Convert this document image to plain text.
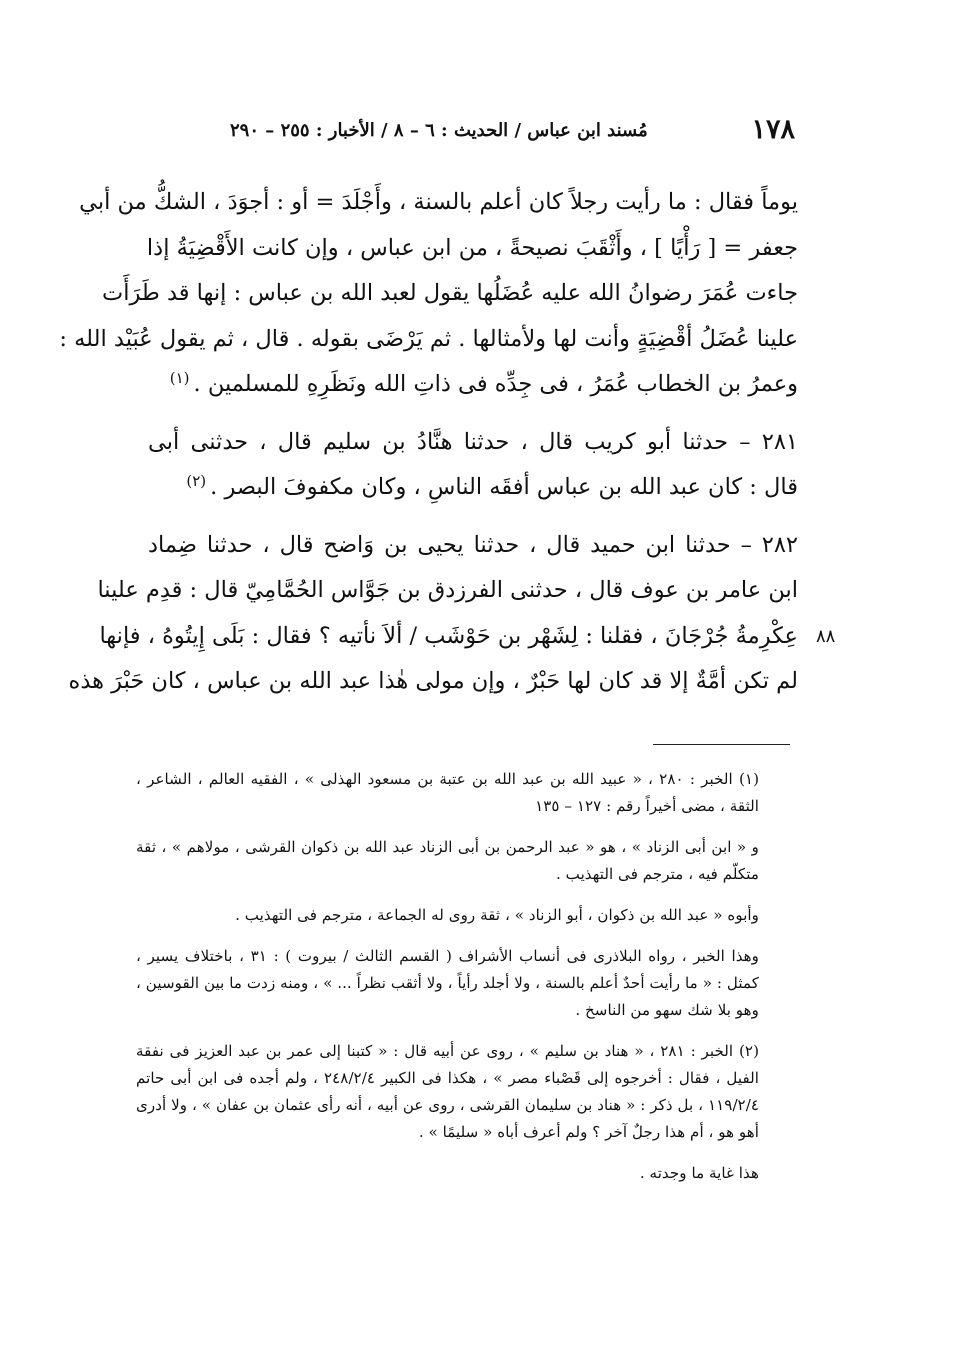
١٧٨
مُسند ابن عباس / الحديث : ٦ – ٨ / الأخبار : ٢٥٥ – ٢٩٠

يوماً فقال : ما رأيت رجلاً كان أعلم بالسنة ، وأَجْلَدَ = أو : أجوَدَ ، الشكُّ من أبي
جعفر = [ رَأْيًا ] ، وأَثْقَبَ نصيحةً ، من ابن عباس ، وإن كانت الأَقْضِيَةُ إذا
جاءت عُمَرَ رضوانُ الله عليه عُضَلُها يقول لعبد الله بن عباس : إنها قد طَرَأَت
علينا عُضَلُ أقْضِيَةٍ وأنت لها ولأمثالها . ثم يَرْضَى بقوله . قال ، ثم يقول عُبَيْد الله :
وعمرُ بن الخطاب عُمَرُ ، فى جِدِّه فى ذاتِ الله ونَظَرِهِ للمسلمين .$^{(١)}$

٢٨١ – حدثنا أبو كريب قال ، حدثنا هنَّادُ بن سليم قال ، حدثنى أبى
قال : كان عبد الله بن عباس أفقَه الناسِ ، وكان مكفوفَ البصر .$^{(٢)}$

٢٨٢ – حدثنا ابن حميد قال ، حدثنا يحيى بن وَاضح قال ، حدثنا ضِماد
ابن عامر بن عوف قال ، حدثنى الفرزدق بن جَوَّاس الحُمَّامِيّ قال : قدِم علينا
عِكْرِمةُ جُرْجَانَ ، فقلنا : لِشَهْر بن حَوْشَب / ألاَ نأتيه ؟ فقال : بَلَى إِيتُوهُ ، فإنها
لم تكن أمَّةٌ إلا قد كان لها حَبْرٌ ، وإن مولى هٰذا عبد الله بن عباس ، كان حَبْرَ هذه

٨٨

(١) الخبر : ٢٨٠ ، « عبيد الله بن عبد الله بن عتبة بن مسعود الهذلى » ، الفقيه العالم ، الشاعر ،
الثقة ، مضى أخيراً رقم : ١٢٧ – ١٣٥

و « ابن أبى الزناد » ، هو « عبد الرحمن بن أبى الزناد عبد الله بن ذكوان القرشى ، مولاهم » ، ثقة
متكلّم فيه ، مترجم فى التهذيب .

وأبوه « عبد الله بن ذكوان ، أبو الزناد » ، ثقة روى له الجماعة ، مترجم فى التهذيب .

وهذا الخبر ، رواه البلاذرى فى أنساب الأشراف ( القسم الثالث / بيروت ) : ٣١ ، باختلاف يسير ،
كمثل : « ما رأيت أحدٌ أعلم بالسنة ، ولا أجلد رأياً ، ولا أثقب نظراً ... » ، ومنه زدت ما بين القوسين ،
وهو بلا شك سهو من الناسخ .

(٢) الخبر : ٢٨١ ، « هناد بن سليم » ، روى عن أبيه قال : « كتبنا إلى عمر بن عبد العزيز فى نفقة
الفيل ، فقال : أخرجوه إلى قَصْباء مصر » ، هكذا فى الكبير ٢٤٨/٢/٤ ، ولم أجده فى ابن أبى حاتم
١١٩/٢/٤ ، بل ذكر : « هناد بن سليمان القرشى ، روى عن أبيه ، أنه رأى عثمان بن عفان » ، ولا أدرى
أهو هو ، أم هذا رجلٌ آخر ؟ ولم أعرف أباه « سليمًا » .

هذا غاية ما وجدته .
